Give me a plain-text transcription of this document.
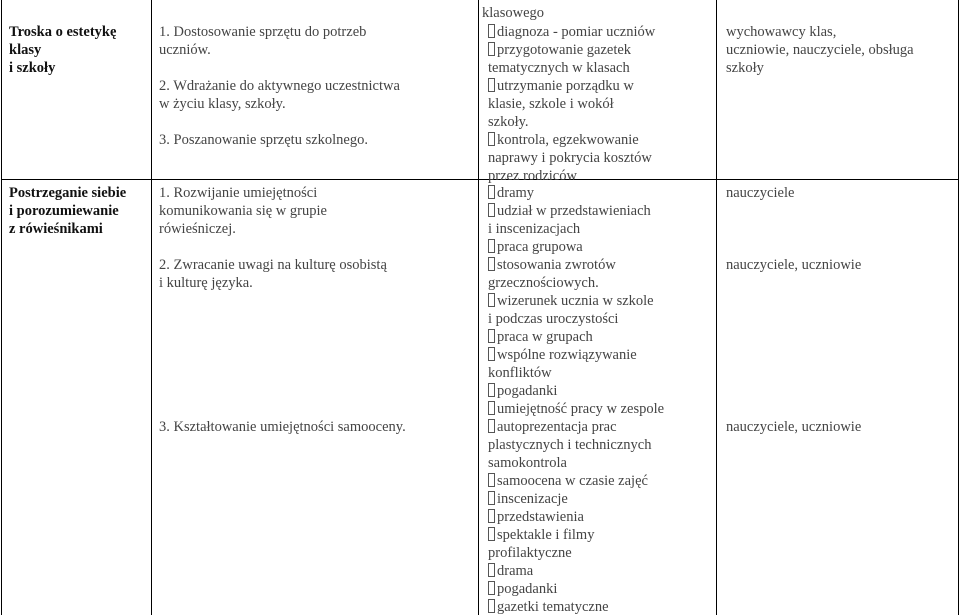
Troska o estetykę
klasy
i szkoły
1. Dostosowanie sprzętu do potrzeb
uczniów.
2. Wdrażanie do aktywnego uczestnictwa
w życiu klasy, szkoły.
3. Poszanowanie sprzętu szkolnego.
klasowego
diagnoza - pomiar uczniów
przygotowanie gazetek
tematycznych w klasach
utrzymanie porządku w
klasie, szkole i wokół
szkoły.
kontrola, egzekwowanie
naprawy i pokrycia kosztów
przez rodziców
wychowawcy klas,
uczniowie, nauczyciele, obsługa
szkoły
Postrzeganie siebie
i porozumiewanie
z rówieśnikami
1. Rozwijanie umiejętności
komunikowania się w grupie
rówieśniczej.
2. Zwracanie uwagi na kulturę osobistą
i kulturę języka.
dramy
udział w przedstawieniach
i inscenizacjach
praca grupowa
stosowania zwrotów
grzecznościowych.
wizerunek ucznia w szkole
i podczas uroczystości
praca w grupach
wspólne rozwiązywanie
konfliktów
pogadanki
umiejętność pracy w zespole
nauczyciele
nauczyciele, uczniowie
3. Kształtowanie umiejętności samooceny.	autoprezentacja prac
plastycznych i technicznych
samokontrola
samoocena w czasie zajęć
inscenizacje
przedstawienia
spektakle i filmy
profilaktyczne
drama
pogadanki
gazetki tematyczne
nauczyciele, uczniowie
